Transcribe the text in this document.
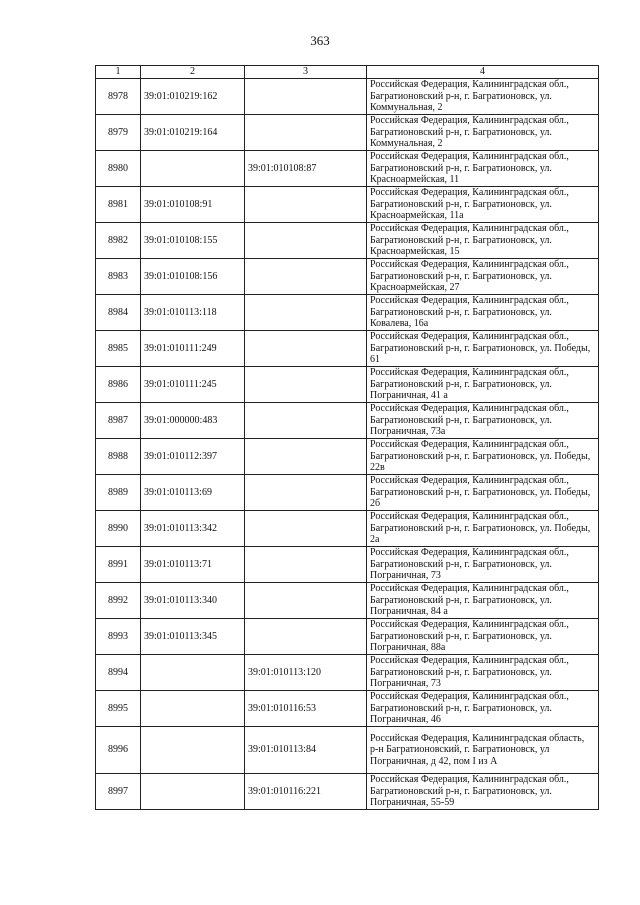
363
1	2	3	4
8978	39:01:010219:162		Российская Федерация, Калининградская обл., Багратионовский р-н, г. Багратионовск, ул. Коммунальная, 2
8979	39:01:010219:164		Российская Федерация, Калининградская обл., Багратионовский р-н, г. Багратионовск, ул. Коммунальная, 2
8980		39:01:010108:87	Российская Федерация, Калининградская обл., Багратионовский р-н, г. Багратионовск, ул. Красноармейская, 11
8981	39:01:010108:91		Российская Федерация, Калининградская обл., Багратионовский р-н, г. Багратионовск, ул. Красноармейская, 11а
8982	39:01:010108:155		Российская Федерация, Калининградская обл., Багратионовский р-н, г. Багратионовск, ул. Красноармейская, 15
8983	39:01:010108:156		Российская Федерация, Калининградская обл., Багратионовский р-н, г. Багратионовск, ул. Красноармейская, 27
8984	39:01:010113:118		Российская Федерация, Калининградская обл., Багратионовский р-н, г. Багратионовск, ул. Ковалева, 16а
8985	39:01:010111:249		Российская Федерация, Калининградская обл., Багратионовский р-н, г. Багратионовск, ул. Победы, 61
8986	39:01:010111:245		Российская Федерация, Калининградская обл., Багратионовский р-н, г. Багратионовск, ул. Пограничная, 41 а
8987	39:01:000000:483		Российская Федерация, Калининградская обл., Багратионовский р-н, г. Багратионовск, ул. Пограничная, 73а
8988	39:01:010112:397		Российская Федерация, Калининградская обл., Багратионовский р-н, г. Багратионовск, ул. Победы, 22в
8989	39:01:010113:69		Российская Федерация, Калининградская обл., Багратионовский р-н, г. Багратионовск, ул. Победы, 2б
8990	39:01:010113:342		Российская Федерация, Калининградская обл., Багратионовский р-н, г. Багратионовск, ул. Победы, 2а
8991	39:01:010113:71		Российская Федерация, Калининградская обл., Багратионовский р-н, г. Багратионовск, ул. Пограничная, 73
8992	39:01:010113:340		Российская Федерация, Калининградская обл., Багратионовский р-н, г. Багратионовск, ул. Пограничная, 84 а
8993	39:01:010113:345		Российская Федерация, Калининградская обл., Багратионовский р-н, г. Багратионовск, ул. Пограничная, 88а
8994		39:01:010113:120	Российская Федерация, Калининградская обл., Багратионовский р-н, г. Багратионовск, ул. Пограничная, 73
8995		39:01:010116:53	Российская Федерация, Калининградская обл., Багратионовский р-н, г. Багратионовск, ул. Пограничная, 46
8996		39:01:010113:84	Российская Федерация, Калининградская область, р-н Багратионовский, г. Багратионовск, ул Пограничная, д 42, пом I из А
8997		39:01:010116:221	Российская Федерация, Калининградская обл., Багратионовский р-н, г. Багратионовск, ул. Пограничная, 55-59
